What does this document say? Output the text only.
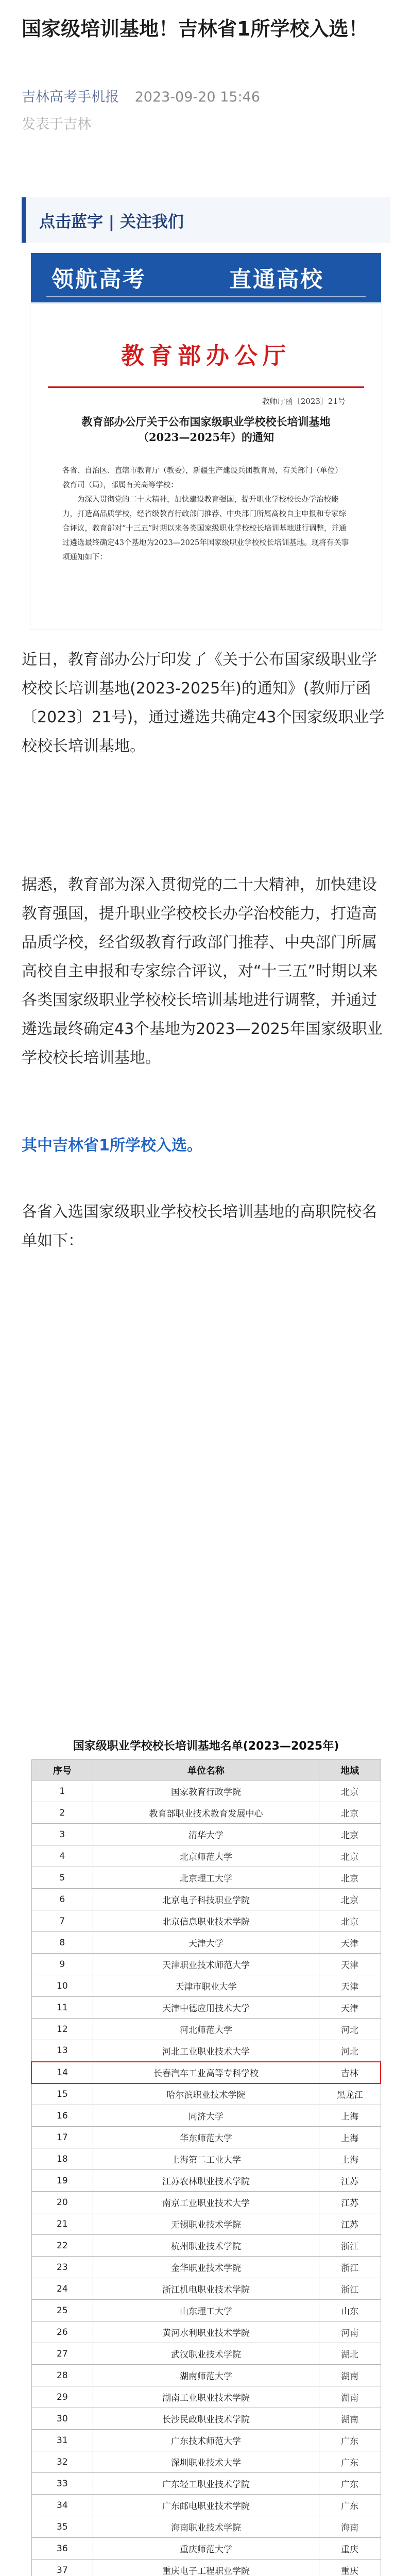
国家级培训基地！吉林省1所学校入选！
吉林高考手机报 2023-09-20 15:46
发表于吉林
点击蓝字 | 关注我们
领航高考	直通高校
教育部办公厅
教师厅函〔2023〕21号
教育部办公厅关于公布国家级职业学校校长培训基地（2023—2025年）的通知

各省、自治区、直辖市教育厅（教委），新疆生产建设兵团教育局，有关部门（单位）教育司（局），部属有关高等学校：

为深入贯彻党的二十大精神，加快建设教育强国，提升职业学校校长办学治校能力，打造高品质学校，经省级教育行政部门推荐、中央部门所属高校自主申报和专家综合评议，教育部对“十三五”时期以来各类国家级职业学校校长培训基地进行调整，并通过遴选最终确定43个基地为2023—2025年国家级职业学校校长培训基地。现将有关事项通知如下：

近日，教育部办公厅印发了《关于公布国家级职业学校校长培训基地(2023-2025年)的通知》(教师厅函〔2023〕21号)，通过遴选共确定43个国家级职业学校校长培训基地。
据悉，教育部为深入贯彻党的二十大精神，加快建设教育强国，提升职业学校校长办学治校能力，打造高品质学校，经省级教育行政部门推荐、中央部门所属高校自主申报和专家综合评议，对“十三五”时期以来各类国家级职业学校校长培训基地进行调整，并通过遴选最终确定43个基地为2023—2025年国家级职业学校校长培训基地。
其中吉林省1所学校入选。
各省入选国家级职业学校校长培训基地的高职院校名单如下：
国家级职业学校校长培训基地名单(2023—2025年)
序号	单位名称	地域
1	国家教育行政学院	北京
2	教育部职业技术教育发展中心	北京
3	清华大学	北京
4	北京师范大学	北京
5	北京理工大学	北京
6	北京电子科技职业学院	北京
7	北京信息职业技术学院	北京
8	天津大学	天津
9	天津职业技术师范大学	天津
10	天津市职业大学	天津
11	天津中德应用技术大学	天津
12	河北师范大学	河北
13	河北工业职业技术大学	河北
14	长春汽车工业高等专科学校	吉林
15	哈尔滨职业技术学院	黑龙江
16	同济大学	上海
17	华东师范大学	上海
18	上海第二工业大学	上海
19	江苏农林职业技术学院	江苏
20	南京工业职业技术大学	江苏
21	无锡职业技术学院	江苏
22	杭州职业技术学院	浙江
23	金华职业技术学院	浙江
24	浙江机电职业技术学院	浙江
25	山东理工大学	山东
26	黄河水利职业技术学院	河南
27	武汉职业技术学院	湖北
28	湖南师范大学	湖南
29	湖南工业职业技术学院	湖南
30	长沙民政职业技术学院	湖南
31	广东技术师范大学	广东
32	深圳职业技术大学	广东
33	广东轻工职业技术学院	广东
34	广东邮电职业技术学院	广东
35	海南职业技术学院	海南
36	重庆师范大学	重庆
37	重庆电子工程职业学院	重庆
